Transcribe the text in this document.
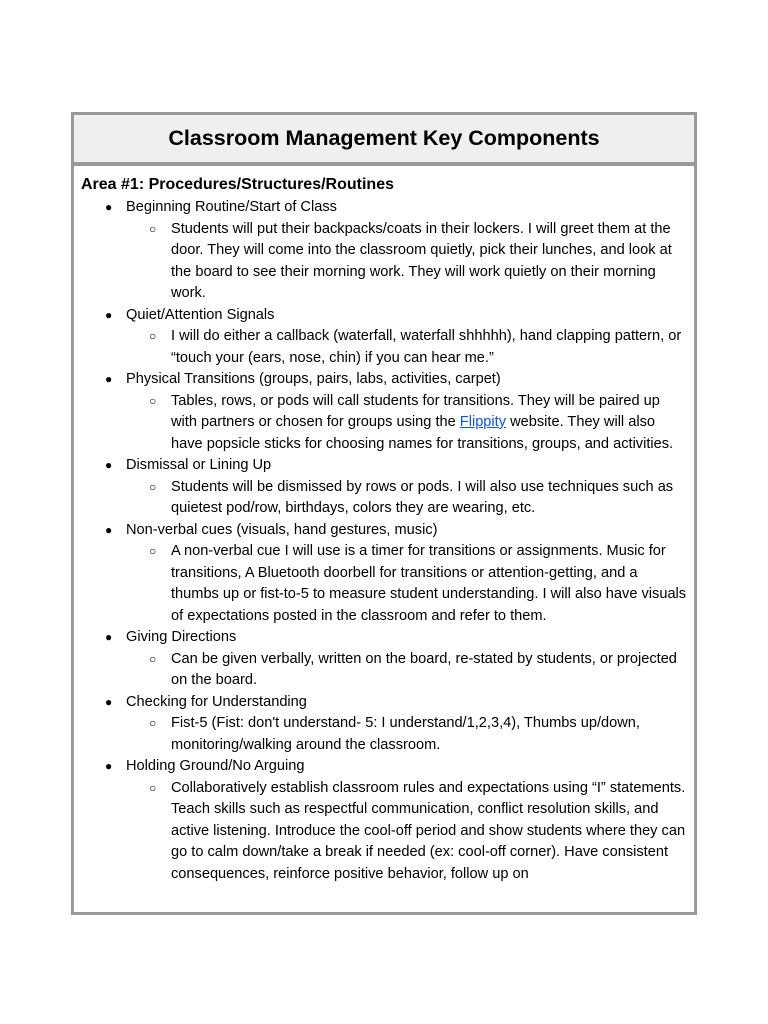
Classroom Management Key Components
Area #1: Procedures/Structures/Routines
● Beginning Routine/Start of Class
○ Students will put their backpacks/coats in their lockers. I will greet them at the door. They will come into the classroom quietly, pick their lunches, and look at the board to see their morning work. They will work quietly on their morning work.
● Quiet/Attention Signals
○ I will do either a callback (waterfall, waterfall shhhhh), hand clapping pattern, or “touch your (ears, nose, chin) if you can hear me.”
● Physical Transitions (groups, pairs, labs, activities, carpet)
○ Tables, rows, or pods will call students for transitions. They will be paired up with partners or chosen for groups using the Flippity website. They will also have popsicle sticks for choosing names for transitions, groups, and activities.
● Dismissal or Lining Up
○ Students will be dismissed by rows or pods. I will also use techniques such as quietest pod/row, birthdays, colors they are wearing, etc.
● Non-verbal cues (visuals, hand gestures, music)
○ A non-verbal cue I will use is a timer for transitions or assignments. Music for transitions, A Bluetooth doorbell for transitions or attention-getting, and a thumbs up or fist-to-5 to measure student understanding. I will also have visuals of expectations posted in the classroom and refer to them.
● Giving Directions
○ Can be given verbally, written on the board, re-stated by students, or projected on the board.
● Checking for Understanding
○ Fist-5 (Fist: don't understand- 5: I understand/1,2,3,4), Thumbs up/down, monitoring/walking around the classroom.
● Holding Ground/No Arguing
○ Collaboratively establish classroom rules and expectations using “I” statements. Teach skills such as respectful communication, conflict resolution skills, and active listening. Introduce the cool-off period and show students where they can go to calm down/take a break if needed (ex: cool-off corner). Have consistent consequences, reinforce positive behavior, follow up on
